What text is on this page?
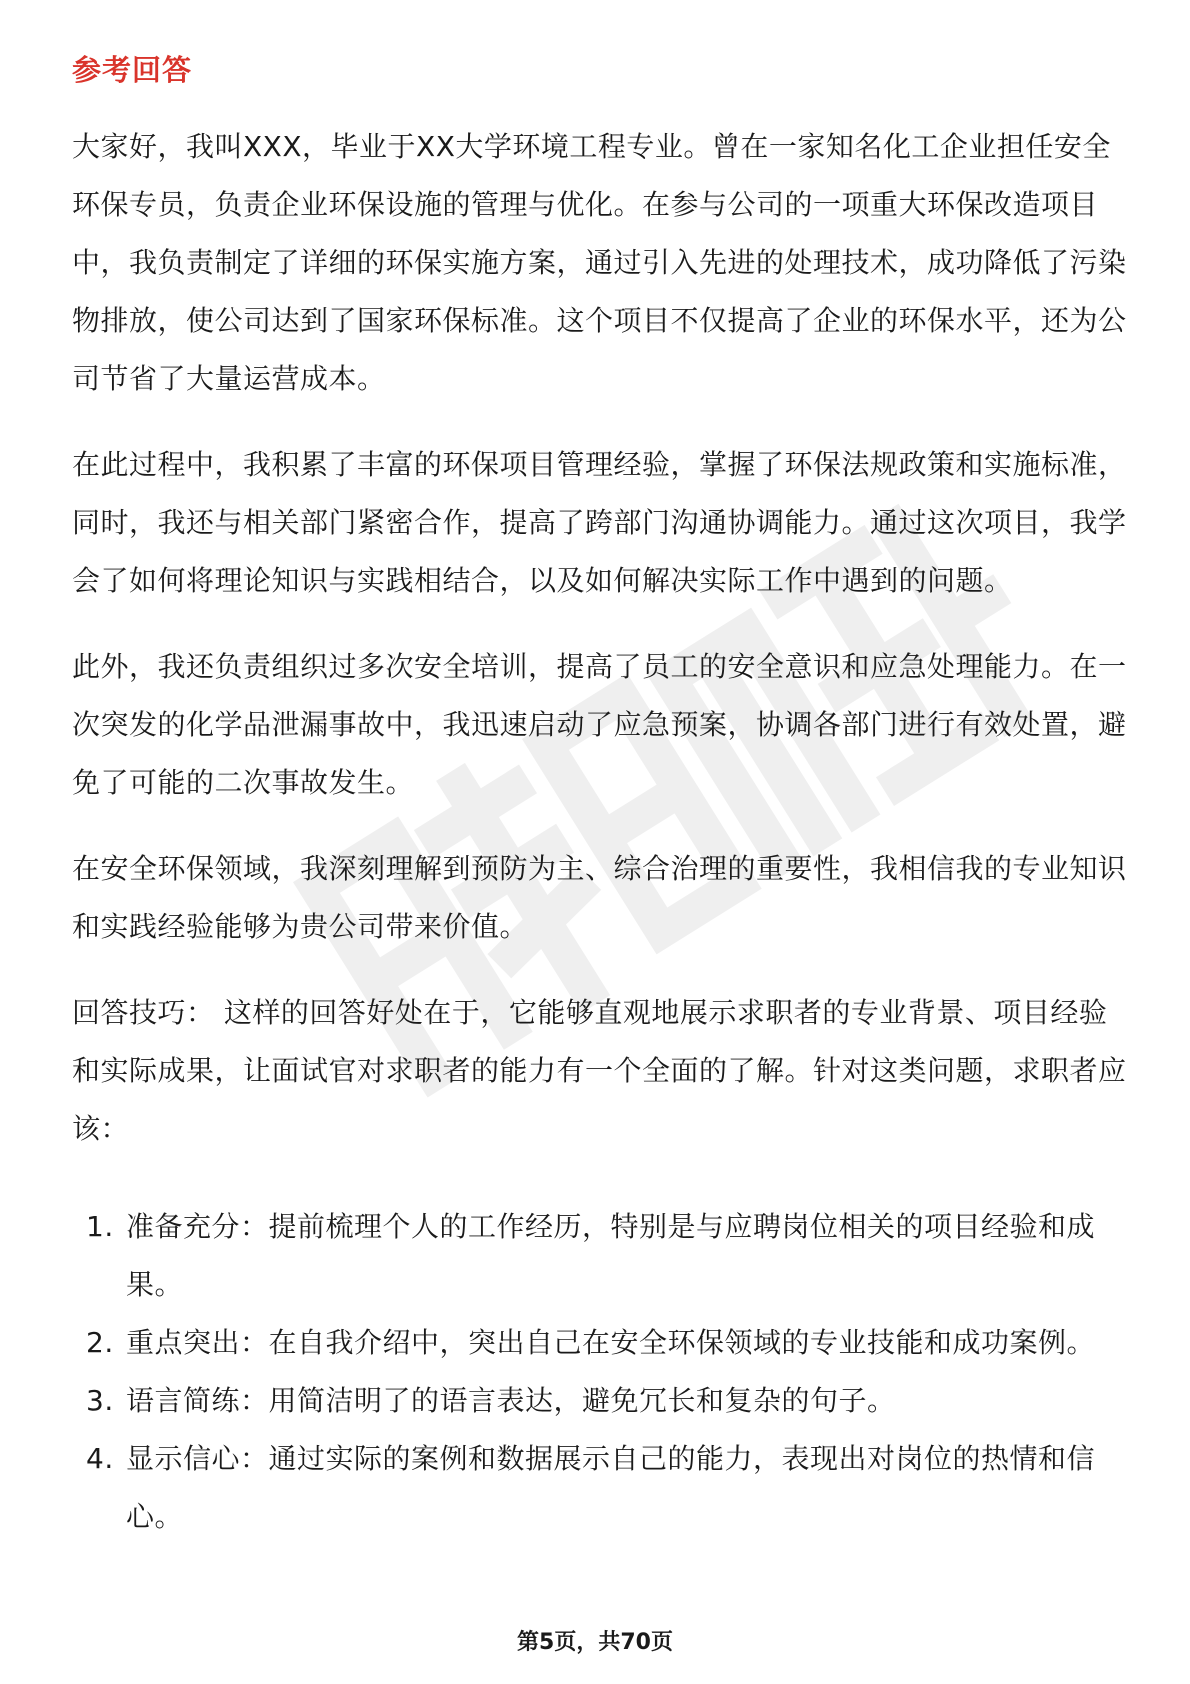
参考回答

大家好，我叫XXX，毕业于XX大学环境工程专业。曾在一家知名化工企业担任安全环保专员，负责企业环保设施的管理与优化。在参与公司的一项重大环保改造项目中，我负责制定了详细的环保实施方案，通过引入先进的处理技术，成功降低了污染物排放，使公司达到了国家环保标准。这个项目不仅提高了企业的环保水平，还为公司节省了大量运营成本。

在此过程中，我积累了丰富的环保项目管理经验，掌握了环保法规政策和实施标准，同时，我还与相关部门紧密合作，提高了跨部门沟通协调能力。通过这次项目，我学会了如何将理论知识与实践相结合，以及如何解决实际工作中遇到的问题。

此外，我还负责组织过多次安全培训，提高了员工的安全意识和应急处理能力。在一次突发的化学品泄漏事故中，我迅速启动了应急预案，协调各部门进行有效处置，避免了可能的二次事故发生。

在安全环保领域，我深刻理解到预防为主、综合治理的重要性，我相信我的专业知识和实践经验能够为贵公司带来价值。

回答技巧： 这样的回答好处在于，它能够直观地展示求职者的专业背景、项目经验和实际成果，让面试官对求职者的能力有一个全面的了解。针对这类问题，求职者应该：

1. 准备充分：提前梳理个人的工作经历，特别是与应聘岗位相关的项目经验和成果。
2. 重点突出：在自我介绍中，突出自己在安全环保领域的专业技能和成功案例。
3. 语言简练：用简洁明了的语言表达，避免冗长和复杂的句子。
4. 显示信心：通过实际的案例和数据展示自己的能力，表现出对岗位的热情和信心。
第5页，共70页
